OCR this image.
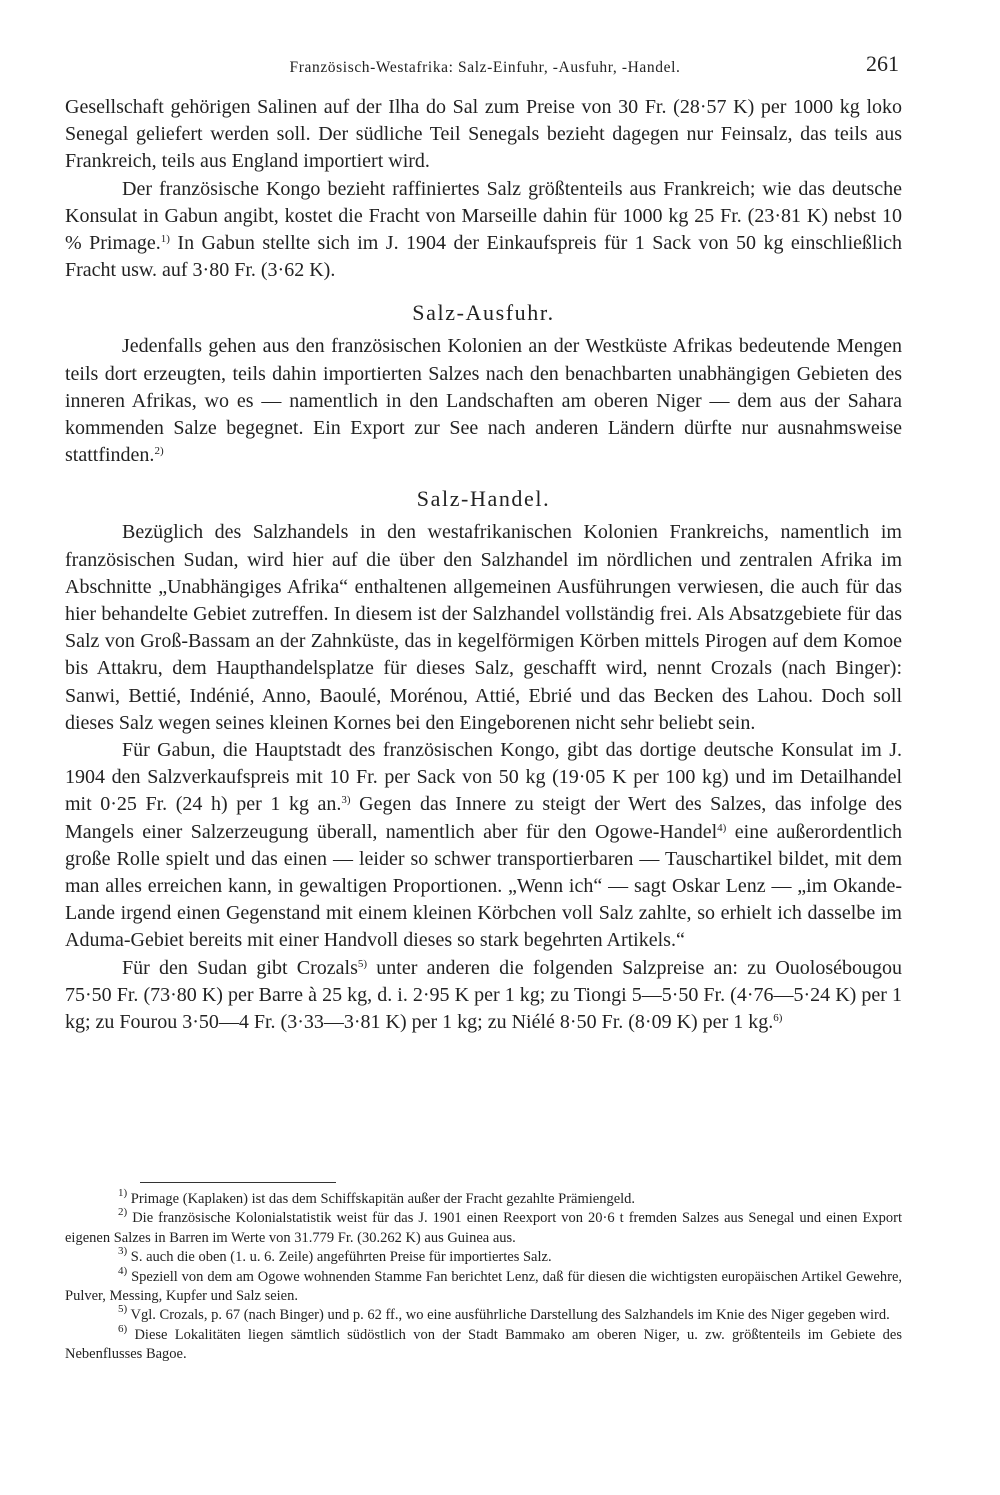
Französisch-Westafrika: Salz-Einfuhr, -Ausfuhr, -Handel.	261

Gesellschaft gehörigen Salinen auf der Ilha do Sal zum Preise von 30 Fr. (28·57 K) per 1000 kg loko Senegal geliefert werden soll. Der südliche Teil Senegals bezieht dagegen nur Feinsalz, das teils aus Frankreich, teils aus England importiert wird.

Der französische Kongo bezieht raffiniertes Salz größtenteils aus Frankreich; wie das deutsche Konsulat in Gabun angibt, kostet die Fracht von Marseille dahin für 1000 kg 25 Fr. (23·81 K) nebst 10 % Primage.$^{1)}$ In Gabun stellte sich im J. 1904 der Einkaufspreis für 1 Sack von 50 kg einschließlich Fracht usw. auf 3·80 Fr. (3·62 K).

Salz-Ausfuhr.

Jedenfalls gehen aus den französischen Kolonien an der Westküste Afrikas bedeutende Mengen teils dort erzeugten, teils dahin importierten Salzes nach den benachbarten unabhängigen Gebieten des inneren Afrikas, wo es — namentlich in den Landschaften am oberen Niger — dem aus der Sahara kommenden Salze begegnet. Ein Export zur See nach anderen Ländern dürfte nur ausnahmsweise stattfinden.$^{2)}$

Salz-Handel.

Bezüglich des Salzhandels in den westafrikanischen Kolonien Frankreichs, namentlich im französischen Sudan, wird hier auf die über den Salzhandel im nördlichen und zentralen Afrika im Abschnitte „Unabhängiges Afrika“ enthaltenen allgemeinen Ausführungen verwiesen, die auch für das hier behandelte Gebiet zutreffen. In diesem ist der Salzhandel vollständig frei. Als Absatzgebiete für das Salz von Groß-Bassam an der Zahnküste, das in kegelförmigen Körben mittels Pirogen auf dem Komoe bis Attakru, dem Haupthandelsplatze für dieses Salz, geschafft wird, nennt Crozals (nach Binger): Sanwi, Bettié, Indénié, Anno, Baoulé, Morénou, Attié, Ebrié und das Becken des Lahou. Doch soll dieses Salz wegen seines kleinen Kornes bei den Eingeborenen nicht sehr beliebt sein.

Für Gabun, die Hauptstadt des französischen Kongo, gibt das dortige deutsche Konsulat im J. 1904 den Salzverkaufspreis mit 10 Fr. per Sack von 50 kg (19·05 K per 100 kg) und im Detailhandel mit 0·25 Fr. (24 h) per 1 kg an.$^{3)}$ Gegen das Innere zu steigt der Wert des Salzes, das infolge des Mangels einer Salzerzeugung überall, namentlich aber für den Ogowe-Handel$^{4)}$ eine außerordentlich große Rolle spielt und das einen — leider so schwer transportierbaren — Tauschartikel bildet, mit dem man alles erreichen kann, in gewaltigen Proportionen. „Wenn ich“ — sagt Oskar Lenz — „im Okande-Lande irgend einen Gegenstand mit einem kleinen Körbchen voll Salz zahlte, so erhielt ich dasselbe im Aduma-Gebiet bereits mit einer Handvoll dieses so stark begehrten Artikels.“

Für den Sudan gibt Crozals$^{5)}$ unter anderen die folgenden Salzpreise an: zu Ouolosébougou 75·50 Fr. (73·80 K) per Barre à 25 kg, d. i. 2·95 K per 1 kg; zu Tiongi 5—5·50 Fr. (4·76—5·24 K) per 1 kg; zu Fourou 3·50—4 Fr. (3·33—3·81 K) per 1 kg; zu Niélé 8·50 Fr. (8·09 K) per 1 kg.$^{6)}$

$^{1)}$ Primage (Kaplaken) ist das dem Schiffskapitän außer der Fracht gezahlte Prämiengeld.

$^{2)}$ Die französische Kolonialstatistik weist für das J. 1901 einen Reexport von 20·6 t fremden Salzes aus Senegal und einen Export eigenen Salzes in Barren im Werte von 31.779 Fr. (30.262 K) aus Guinea aus.

$^{3)}$ S. auch die oben (1. u. 6. Zeile) angeführten Preise für importiertes Salz.

$^{4)}$ Speziell von dem am Ogowe wohnenden Stamme Fan berichtet Lenz, daß für diesen die wichtigsten europäischen Artikel Gewehre, Pulver, Messing, Kupfer und Salz seien.

$^{5)}$ Vgl. Crozals, p. 67 (nach Binger) und p. 62 ff., wo eine ausführliche Darstellung des Salzhandels im Knie des Niger gegeben wird.

$^{6)}$ Diese Lokalitäten liegen sämtlich südöstlich von der Stadt Bammako am oberen Niger, u. zw. größtenteils im Gebiete des Nebenflusses Bagoe.
